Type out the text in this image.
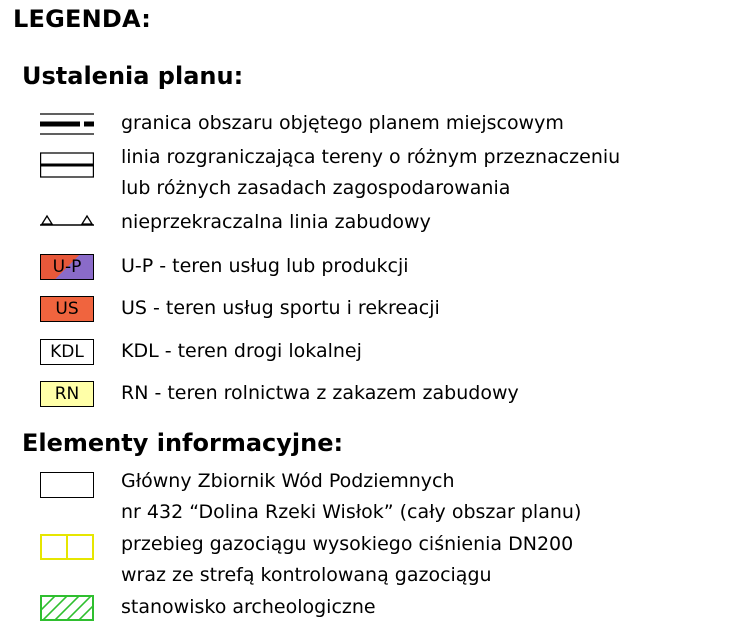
LEGENDA:
Ustalenia planu:
granica obszaru objętego planem miejscowym
linia rozgraniczająca tereny o różnym przeznaczeniu
lub różnych zasadach zagospodarowania
nieprzekraczalna linia zabudowy
U-P	U-P - teren usług lub produkcji
US	US - teren usług sportu i rekreacji
KDL	KDL - teren drogi lokalnej
RN	RN - teren rolnictwa z zakazem zabudowy
Elementy informacyjne:
Główny Zbiornik Wód Podziemnych
nr 432 “Dolina Rzeki Wisłok” (cały obszar planu)
przebieg gazociągu wysokiego ciśnienia DN200
wraz ze strefą kontrolowaną gazociągu
stanowisko archeologiczne
